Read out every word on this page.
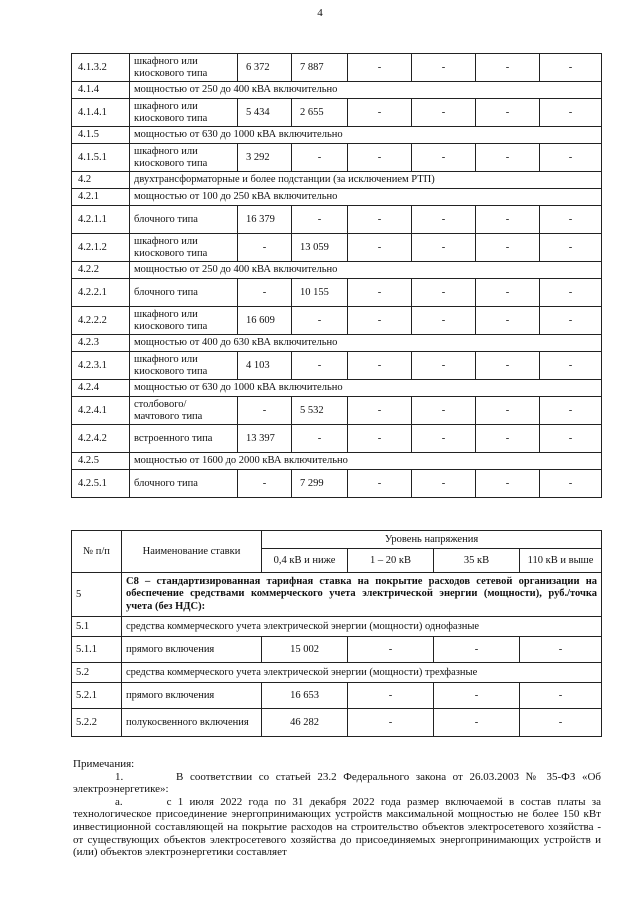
4
4.1.3.2	шкафного или киоскового типа	6 372	7 887	-	-	-	-
4.1.4	мощностью от 250 до 400 кВА включительно						
4.1.4.1	шкафного или киоскового типа	5 434	2 655	-	-	-	-
4.1.5	мощностью от 630 до 1000 кВА включительно						
4.1.5.1	шкафного или киоскового типа	3 292	-	-	-	-	-
4.2	двухтрансформаторные и более подстанции (за исключением РТП)						
4.2.1	мощностью от 100 до 250 кВА включительно						
4.2.1.1	блочного типа	16 379	-	-	-	-	-
4.2.1.2	шкафного или киоскового типа	-	13 059	-	-	-	-
4.2.2	мощностью от 250 до 400 кВА включительно						
4.2.2.1	блочного типа	-	10 155	-	-	-	-
4.2.2.2	шкафного или киоскового типа	16 609	-	-	-	-	-
4.2.3	мощностью от 400 до 630 кВА включительно						
4.2.3.1	шкафного или киоскового типа	4 103	-	-	-	-	-
4.2.4	мощностью от 630 до 1000 кВА включительно						
4.2.4.1	столбового/ мачтового типа	-	5 532	-	-	-	-
4.2.4.2	встроенного типа	13 397	-	-	-	-	-
4.2.5	мощностью от 1600 до 2000 кВА включительно						
4.2.5.1	блочного типа	-	7 299	-	-	-	-
№ п/п	Наименование ставки	Уровень напряжения			
		0,4 кВ и ниже	1 – 20 кВ	35 кВ	110 кВ и выше
5	С8 – стандартизированная тарифная ставка на покрытие расходов сетевой организации на обеспечение средствами коммерческого учета электрической энергии (мощности), руб./точка учета (без НДС):				
5.1	средства коммерческого учета электрической энергии (мощности) однофазные				
5.1.1	прямого включения	15 002	-	-	-
5.2	средства коммерческого учета электрической энергии (мощности) трехфазные				
5.2.1	прямого включения	16 653	-	-	-
5.2.2	полукосвенного включения	46 282	-	-	-
Примечания:
1.        В соответствии со статьей 23.2 Федерального закона от 26.03.2003 № 35-ФЗ «Об электроэнергетике»:
а.       с 1 июля 2022 года по 31 декабря 2022 года размер включаемой в состав платы за технологическое присоединение энергопринимающих устройств максимальной мощностью не более 150 кВт инвестиционной составляющей на покрытие расходов на строительство объектов электросетевого хозяйства - от существующих объектов электросетевого хозяйства до присоединяемых энергопринимающих устройств и (или) объектов электроэнергетики составляет
